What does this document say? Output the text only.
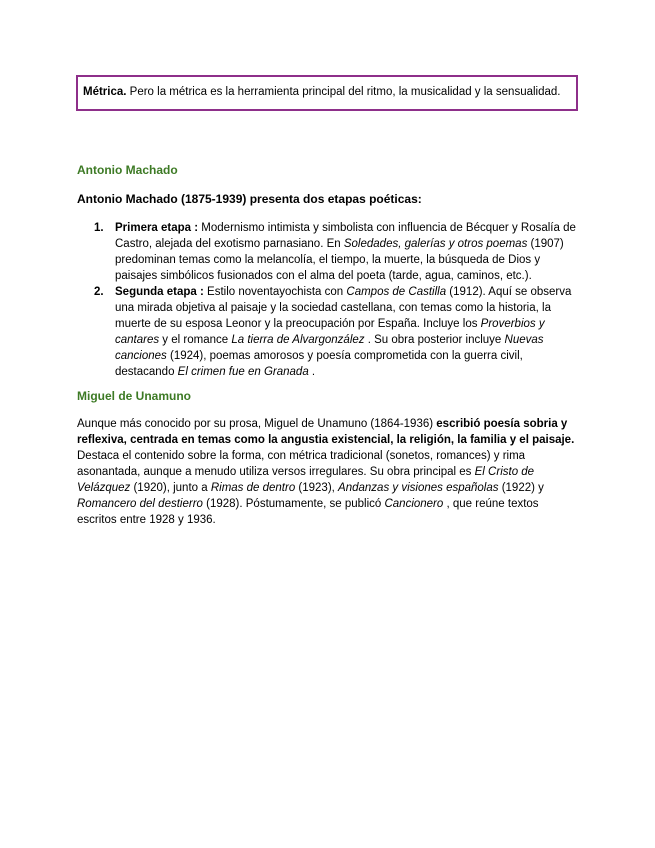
Métrica. Pero la métrica es la herramienta principal del ritmo, la musicalidad y la sensualidad.
Antonio Machado
Antonio Machado (1875-1939) presenta dos etapas poéticas:
1. Primera etapa : Modernismo intimista y simbolista con influencia de Bécquer y Rosalía de Castro, alejada del exotismo parnasiano. En Soledades, galerías y otros poemas (1907) predominan temas como la melancolía, el tiempo, la muerte, la búsqueda de Dios y paisajes simbólicos fusionados con el alma del poeta (tarde, agua, caminos, etc.).
2. Segunda etapa : Estilo noventayochista con Campos de Castilla (1912). Aquí se observa una mirada objetiva al paisaje y la sociedad castellana, con temas como la historia, la muerte de su esposa Leonor y la preocupación por España. Incluye los Proverbios y cantares y el romance La tierra de Alvargonzález . Su obra posterior incluye Nuevas canciones (1924), poemas amorosos y poesía comprometida con la guerra civil, destacando El crimen fue en Granada .
Miguel de Unamuno

Aunque más conocido por su prosa, Miguel de Unamuno (1864-1936) escribió poesía sobria y reflexiva, centrada en temas como la angustia existencial, la religión, la familia y el paisaje. Destaca el contenido sobre la forma, con métrica tradicional (sonetos, romances) y rima asonantada, aunque a menudo utiliza versos irregulares. Su obra principal es El Cristo de Velázquez (1920), junto a Rimas de dentro (1923), Andanzas y visiones españolas (1922) y Romancero del destierro (1928). Póstumamente, se publicó Cancionero , que reúne textos escritos entre 1928 y 1936.
